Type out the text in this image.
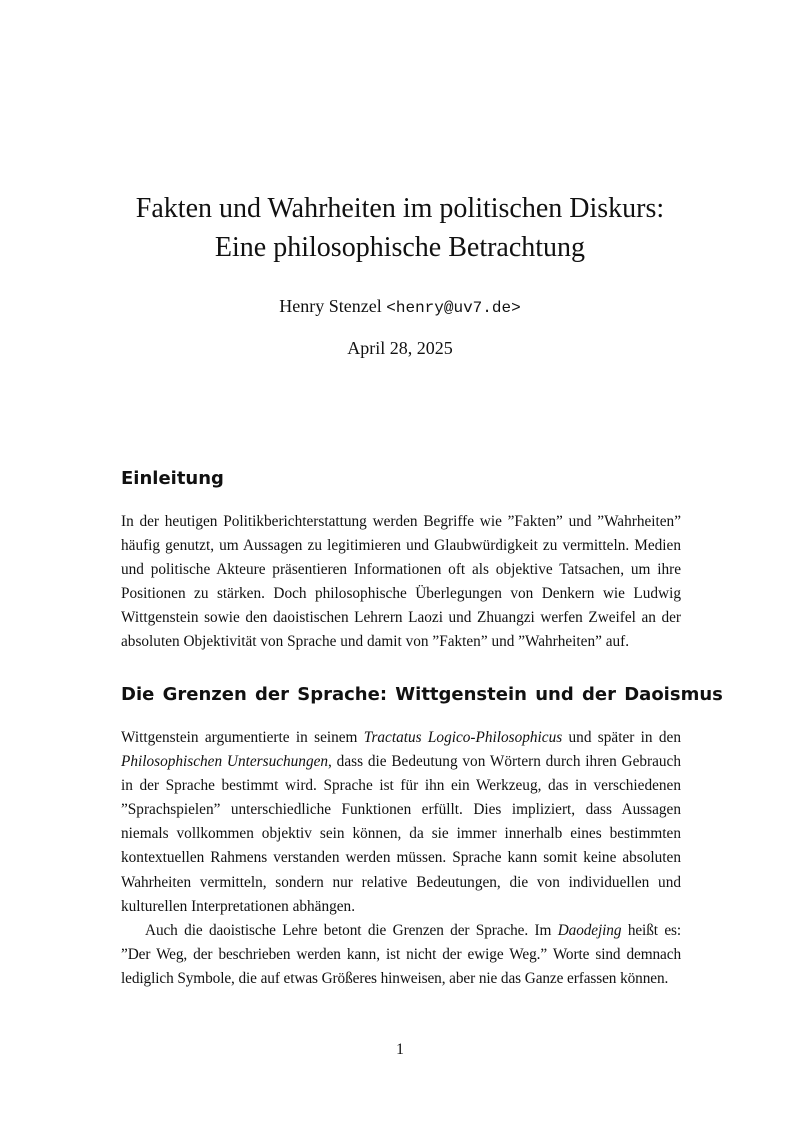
Fakten und Wahrheiten im politischen Diskurs:
Eine philosophische Betrachtung
Henry Stenzel <henry@uv7.de>
April 28, 2025
Einleitung

In der heutigen Politikberichterstattung werden Begriffe wie ”Fakten” und ”Wahrheiten” häufig genutzt, um Aussagen zu legitimieren und Glaubwürdigkeit zu vermitteln. Medien und politische Akteure präsentieren Informationen oft als objektive Tatsachen, um ihre Positionen zu stärken. Doch philosophische Überlegungen von Denkern wie Ludwig Wittgenstein sowie den daoistischen Lehrern Laozi und Zhuangzi werfen Zweifel an der absoluten Objektivität von Sprache und damit von ”Fakten” und ”Wahrheiten” auf.

Die Grenzen der Sprache: Wittgenstein und der Daoismus

Wittgenstein argumentierte in seinem Tractatus Logico-Philosophicus und später in den Philosophischen Untersuchungen, dass die Bedeutung von Wörtern durch ihren Gebrauch in der Sprache bestimmt wird. Sprache ist für ihn ein Werkzeug, das in verschiedenen ”Sprachspielen” unterschiedliche Funktionen erfüllt. Dies impliziert, dass Aussagen niemals vollkommen objektiv sein können, da sie immer innerhalb eines bestimmten kontextuellen Rahmens verstanden werden müssen. Sprache kann somit keine absoluten Wahrheiten vermitteln, sondern nur relative Bedeutungen, die von individuellen und kulturellen Interpretationen abhängen.

Auch die daoistische Lehre betont die Grenzen der Sprache. Im Daodejing heißt es: ”Der Weg, der beschrieben werden kann, ist nicht der ewige Weg.” Worte sind demnach lediglich Symbole, die auf etwas Größeres hinweisen, aber nie das Ganze erfassen können.

1
